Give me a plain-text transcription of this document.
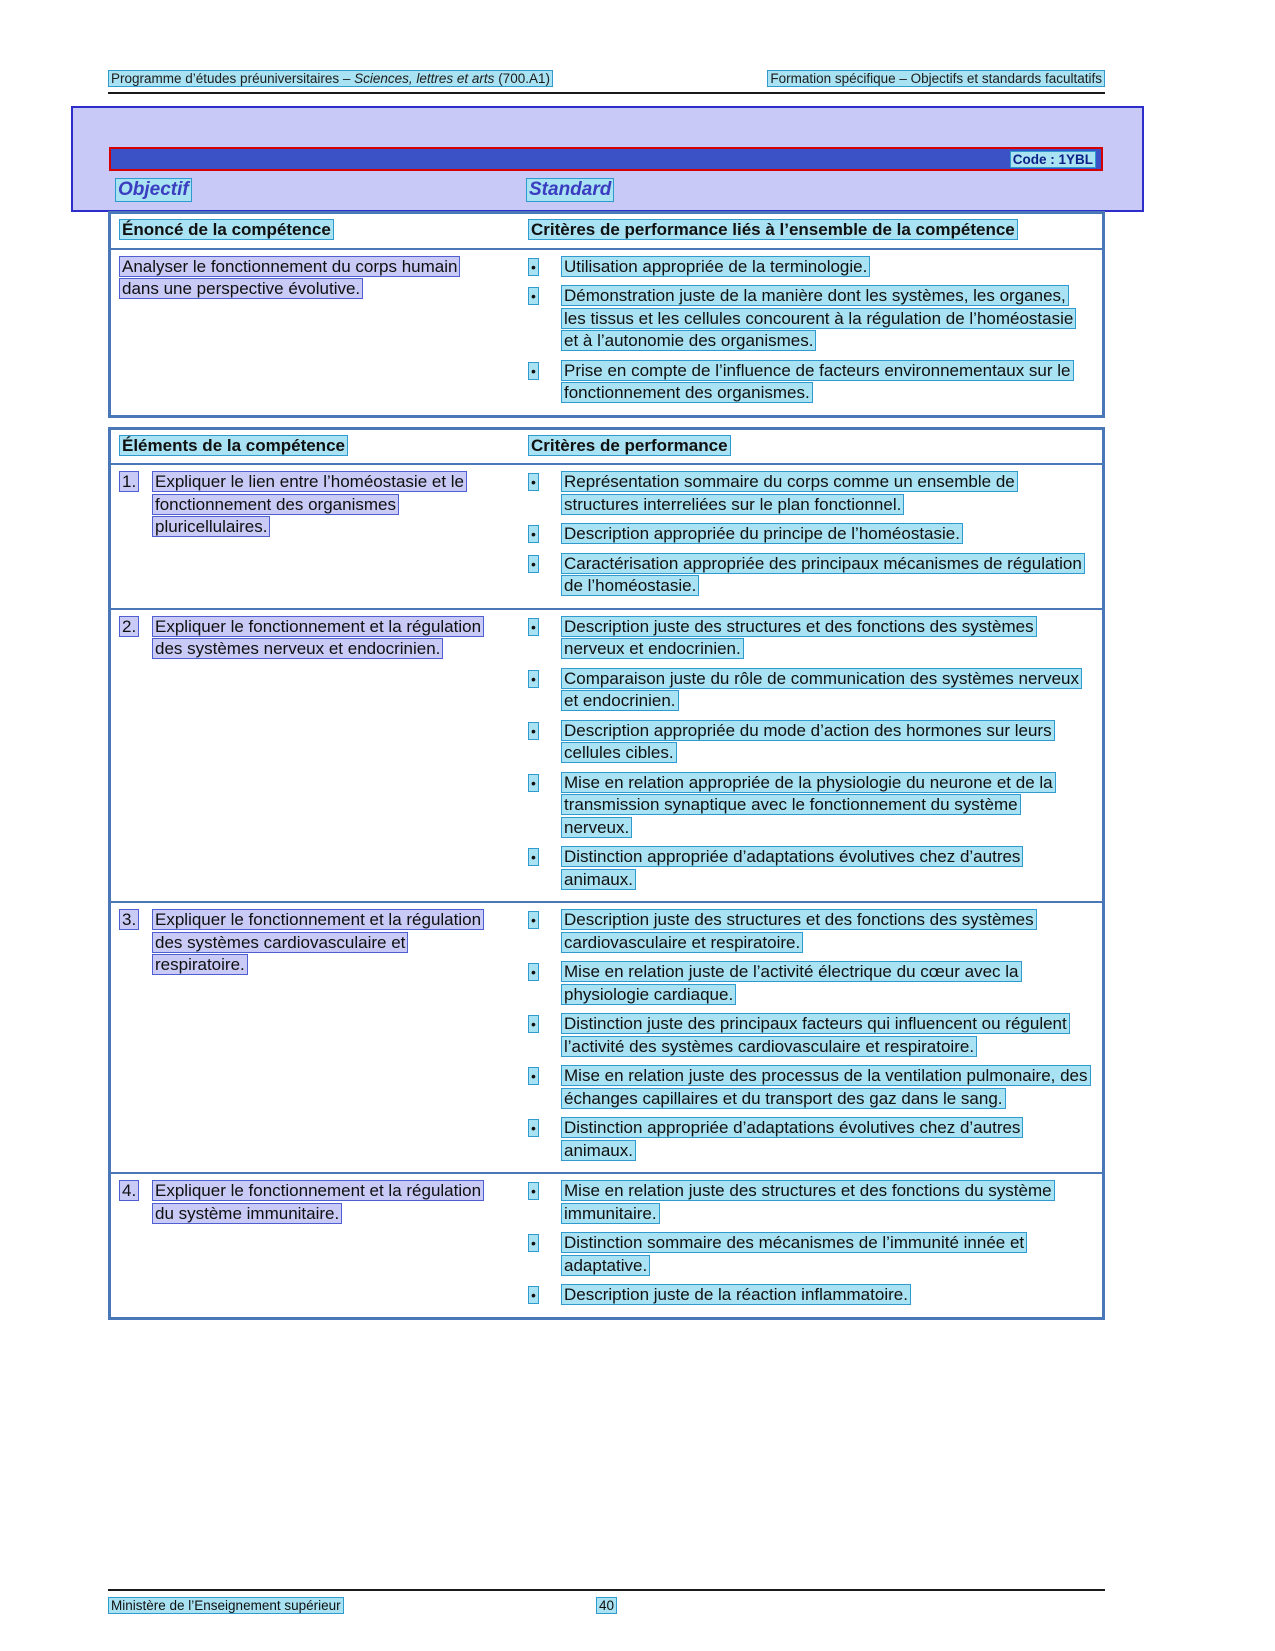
Programme d’études préuniversitaires – Sciences, lettres et arts (700.A1)	Formation spécifique – Objectifs et standards facultatifs
Code : 1YBL
Objectif	Standard
Énoncé de la compétence	Critères de performance liés à l’ensemble de la compétence
Analyser le fonctionnement du corps humain dans une perspective évolutive.
•	Utilisation appropriée de la terminologie.
•	Démonstration juste de la manière dont les systèmes, les organes, les tissus et les cellules concourent à la régulation de l’homéostasie et à l’autonomie des organismes.
•	Prise en compte de l’influence de facteurs environnementaux sur le fonctionnement des organismes.
Éléments de la compétence	Critères de performance
1.	Expliquer le lien entre l’homéostasie et le fonctionnement des organismes pluricellulaires.
•	Représentation sommaire du corps comme un ensemble de structures interreliées sur le plan fonctionnel.
•	Description appropriée du principe de l’homéostasie.
•	Caractérisation appropriée des principaux mécanismes de régulation de l’homéostasie.
2.	Expliquer le fonctionnement et la régulation des systèmes nerveux et endocrinien.
•	Description juste des structures et des fonctions des systèmes nerveux et endocrinien.
•	Comparaison juste du rôle de communication des systèmes nerveux et endocrinien.
•	Description appropriée du mode d’action des hormones sur leurs cellules cibles.
•	Mise en relation appropriée de la physiologie du neurone et de la transmission synaptique avec le fonctionnement du système nerveux.
•	Distinction appropriée d’adaptations évolutives chez d’autres animaux.
3.	Expliquer le fonctionnement et la régulation des systèmes cardiovasculaire et respiratoire.
•	Description juste des structures et des fonctions des systèmes cardiovasculaire et respiratoire.
•	Mise en relation juste de l’activité électrique du cœur avec la physiologie cardiaque.
•	Distinction juste des principaux facteurs qui influencent ou régulent l’activité des systèmes cardiovasculaire et respiratoire.
•	Mise en relation juste des processus de la ventilation pulmonaire, des échanges capillaires et du transport des gaz dans le sang.
•	Distinction appropriée d’adaptations évolutives chez d’autres animaux.
4.	Expliquer le fonctionnement et la régulation du système immunitaire.
•	Mise en relation juste des structures et des fonctions du système immunitaire.
•	Distinction sommaire des mécanismes de l’immunité innée et adaptative.
•	Description juste de la réaction inflammatoire.
Ministère de l’Enseignement supérieur	40
